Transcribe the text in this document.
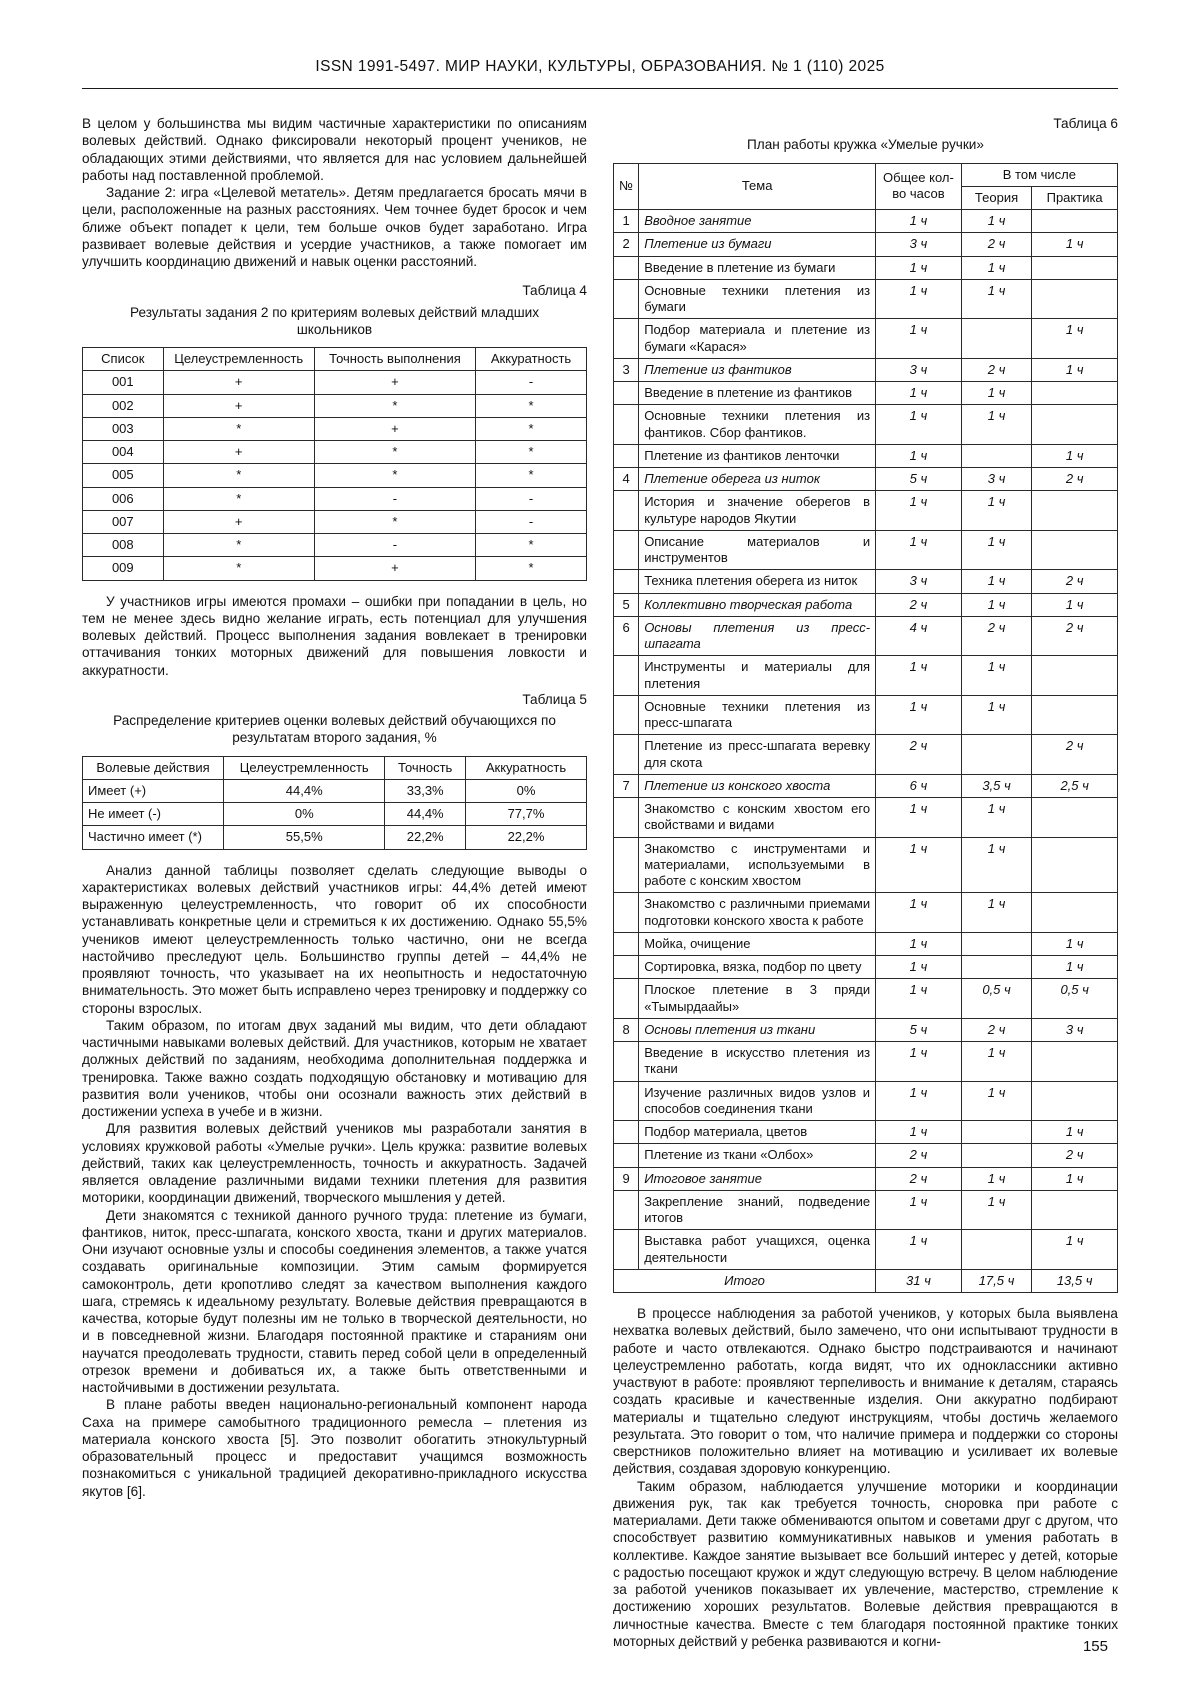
ISSN 1991-5497. МИР НАУКИ, КУЛЬТУРЫ, ОБРАЗОВАНИЯ. № 1 (110) 2025

В целом у большинства мы видим частичные характеристики по описаниям волевых действий. Однако фиксировали некоторый процент учеников, не обладающих этими действиями, что является для нас условием дальнейшей работы над поставленной проблемой.

Задание 2: игра «Целевой метатель». Детям предлагается бросать мячи в цели, расположенные на разных расстояниях. Чем точнее будет бросок и чем ближе объект попадет к цели, тем больше очков будет заработано. Игра развивает волевые действия и усердие участников, а также помогает им улучшить координацию движений и навык оценки расстояний.

Таблица 4
Результаты задания 2 по критериям волевых действий младших школьников
Список	Целеустремленность	Точность выполнения	Аккуратность
001	+	+	-
002	+	*	*
003	*	+	*
004	+	*	*
005	*	*	*
006	*	-	-
007	+	*	-
008	*	-	*
009	*	+	*

У участников игры имеются промахи – ошибки при попадании в цель, но тем не менее здесь видно желание играть, есть потенциал для улучшения волевых действий. Процесс выполнения задания вовлекает в тренировки оттачивания тонких моторных движений для повышения ловкости и аккуратности.

Таблица 5
Распределение критериев оценки волевых действий обучающихся по результатам второго задания, %
Волевые действия	Целеустремленность	Точность	Аккуратность
Имеет (+)	44,4%	33,3%	0%
Не имеет (-)	0%	44,4%	77,7%
Частично имеет (*)	55,5%	22,2%	22,2%

Анализ данной таблицы позволяет сделать следующие выводы о характеристиках волевых действий участников игры: 44,4% детей имеют выраженную целеустремленность, что говорит об их способности устанавливать конкретные цели и стремиться к их достижению. Однако 55,5% учеников имеют целеустремленность только частично, они не всегда настойчиво преследуют цель. Большинство группы детей – 44,4% не проявляют точность, что указывает на их неопытность и недостаточную внимательность. Это может быть исправлено через тренировку и поддержку со стороны взрослых.

Таким образом, по итогам двух заданий мы видим, что дети обладают частичными навыками волевых действий. Для участников, которым не хватает должных действий по заданиям, необходима дополнительная поддержка и тренировка. Также важно создать подходящую обстановку и мотивацию для развития воли учеников, чтобы они осознали важность этих действий в достижении успеха в учебе и в жизни.

Для развития волевых действий учеников мы разработали занятия в условиях кружковой работы «Умелые ручки». Цель кружка: развитие волевых действий, таких как целеустремленность, точность и аккуратность. Задачей является овладение различными видами техники плетения для развития моторики, координации движений, творческого мышления у детей.

Дети знакомятся с техникой данного ручного труда: плетение из бумаги, фантиков, ниток, пресс-шпагата, конского хвоста, ткани и других материалов. Они изучают основные узлы и способы соединения элементов, а также учатся создавать оригинальные композиции. Этим самым формируется самоконтроль, дети кропотливо следят за качеством выполнения каждого шага, стремясь к идеальному результату. Волевые действия превращаются в качества, которые будут полезны им не только в творческой деятельности, но и в повседневной жизни. Благодаря постоянной практике и стараниям они научатся преодолевать трудности, ставить перед собой цели в определенный отрезок времени и добиваться их, а также быть ответственными и настойчивыми в достижении результата.

В плане работы введен национально-региональный компонент народа Саха на примере самобытного традиционного ремесла – плетения из материала конского хвоста [5]. Это позволит обогатить этнокультурный образовательный процесс и предоставит учащимся возможность познакомиться с уникальной традицией декоративно-прикладного искусства якутов [6].

Таблица 6
План работы кружка «Умелые ручки»
№	Тема	Общее кол-во часов	В том числе	
			Теория	Практика
1	Вводное занятие	1 ч	1 ч	
2	Плетение из бумаги	3 ч	2 ч	1 ч
	Введение в плетение из бумаги	1 ч	1 ч	
	Основные техники плетения из бумаги	1 ч	1 ч	
	Подбор материала и плетение из бумаги «Карася»	1 ч		1 ч
3	Плетение из фантиков	3 ч	2 ч	1 ч
	Введение в плетение из фантиков	1 ч	1 ч	
	Основные техники плетения из фантиков. Сбор фантиков.	1 ч	1 ч	
	Плетение из фантиков ленточки	1 ч		1 ч
4	Плетение оберега из ниток	5 ч	3 ч	2 ч
	История и значение оберегов в культуре народов Якутии	1 ч	1 ч	
	Описание материалов и инструментов	1 ч	1 ч	
	Техника плетения оберега из ниток	3 ч	1 ч	2 ч
5	Коллективно творческая работа	2 ч	1 ч	1 ч
6	Основы плетения из пресс-шпагата	4 ч	2 ч	2 ч
	Инструменты и материалы для плетения	1 ч	1 ч	
	Основные техники плетения из пресс-шпагата	1 ч	1 ч	
	Плетение из пресс-шпагата веревку для скота	2 ч		2 ч
7	Плетение из конского хвоста	6 ч	3,5 ч	2,5 ч
	Знакомство с конским хвостом его свойствами и видами	1 ч	1 ч	
	Знакомство с инструментами и материалами, используемыми в работе с конским хвостом	1 ч	1 ч	
	Знакомство с различными приемами подготовки конского хвоста к работе	1 ч	1 ч	
	Мойка, очищение	1 ч		1 ч
	Сортировка, вязка, подбор по цвету	1 ч		1 ч
	Плоское плетение в 3 пряди «Тымырдаайы»	1 ч	0,5 ч	0,5 ч
8	Основы плетения из ткани	5 ч	2 ч	3 ч
	Введение в искусство плетения из ткани	1 ч	1 ч	
	Изучение различных видов узлов и способов соединения ткани	1 ч	1 ч	
	Подбор материала, цветов	1 ч		1 ч
	Плетение из ткани «Олбох»	2 ч		2 ч
9	Итоговое занятие	2 ч	1 ч	1 ч
	Закрепление знаний, подведение итогов	1 ч	1 ч	
	Выставка работ учащихся, оценка деятельности	1 ч		1 ч
Итого		31 ч	17,5 ч	13,5 ч

В процессе наблюдения за работой учеников, у которых была выявлена нехватка волевых действий, было замечено, что они испытывают трудности в работе и часто отвлекаются. Однако быстро подстраиваются и начинают целеустремленно работать, когда видят, что их одноклассники активно участвуют в работе: проявляют терпеливость и внимание к деталям, стараясь создать красивые и качественные изделия. Они аккуратно подбирают материалы и тщательно следуют инструкциям, чтобы достичь желаемого результата. Это говорит о том, что наличие примера и поддержки со стороны сверстников положительно влияет на мотивацию и усиливает их волевые действия, создавая здоровую конкуренцию.

Таким образом, наблюдается улучшение моторики и координации движения рук, так как требуется точность, сноровка при работе с материалами. Дети также обмениваются опытом и советами друг с другом, что способствует развитию коммуникативных навыков и умения работать в коллективе. Каждое занятие вызывает все больший интерес у детей, которые с радостью посещают кружок и ждут следующую встречу. В целом наблюдение за работой учеников показывает их увлечение, мастерство, стремление к достижению хороших результатов. Волевые действия превращаются в личностные качества. Вместе с тем благодаря постоянной практике тонких моторных действий у ребенка развиваются и когни-	155
